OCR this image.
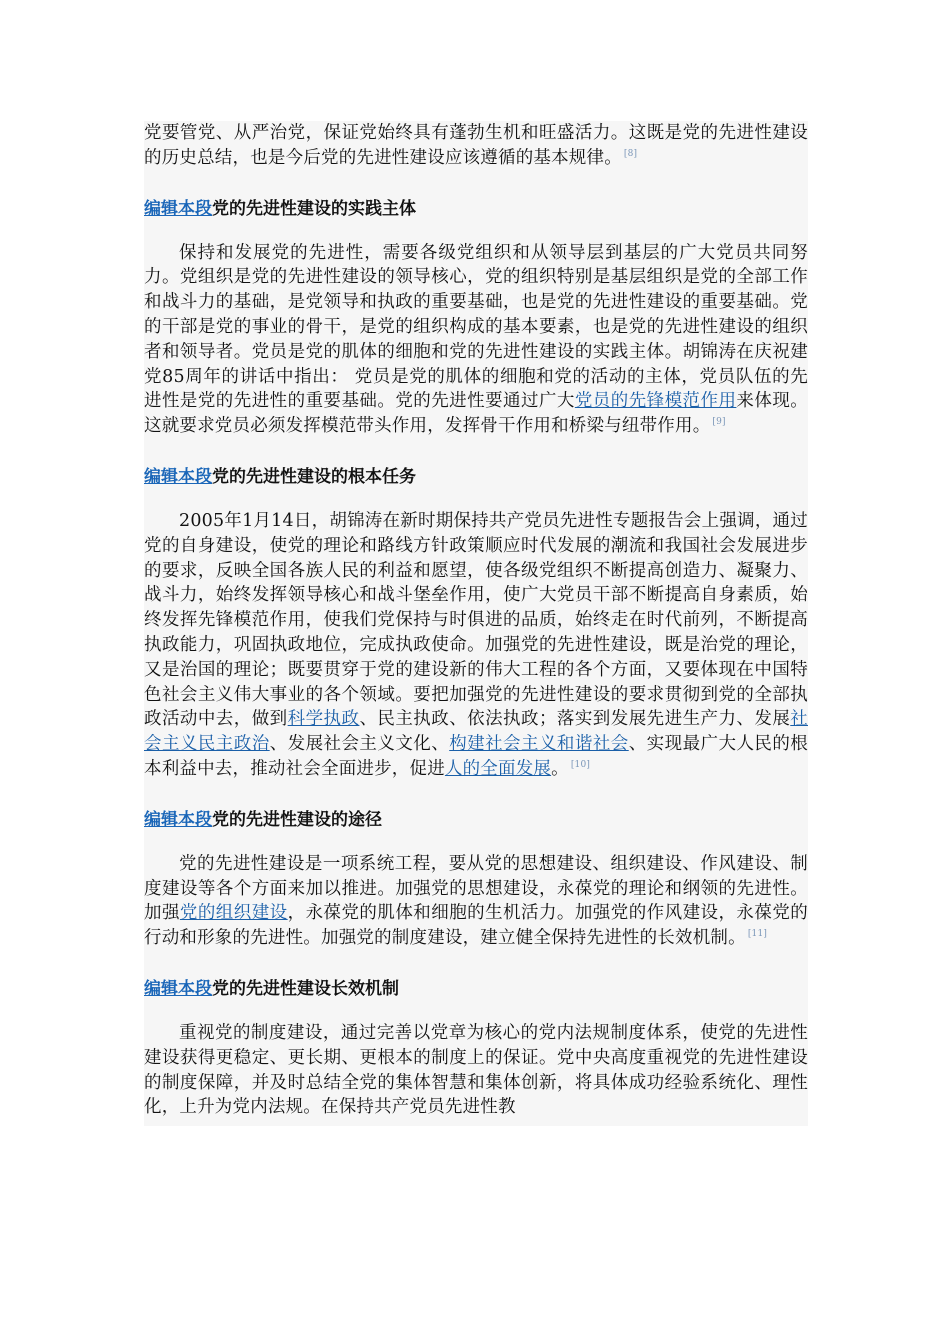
党要管党、从严治党，保证党始终具有蓬勃生机和旺盛活力。这既是党的先进性建设的历史总结，也是今后党的先进性建设应该遵循的基本规律。 [8]

编辑本段党的先进性建设的实践主体

保持和发展党的先进性，需要各级党组织和从领导层到基层的广大党员共同努力。党组织是党的先进性建设的领导核心，党的组织特别是基层组织是党的全部工作和战斗力的基础，是党领导和执政的重要基础，也是党的先进性建设的重要基础。党的干部是党的事业的骨干，是党的组织构成的基本要素，也是党的先进性建设的组织者和领导者。党员是党的肌体的细胞和党的先进性建设的实践主体。胡锦涛在庆祝建党85周年的讲话中指出： 党员是党的肌体的细胞和党的活动的主体，党员队伍的先进性是党的先进性的重要基础。党的先进性要通过广大党员的先锋模范作用来体现。这就要求党员必须发挥模范带头作用，发挥骨干作用和桥梁与纽带作用。 [9]

编辑本段党的先进性建设的根本任务

2005年1月14日，胡锦涛在新时期保持共产党员先进性专题报告会上强调，通过党的自身建设，使党的理论和路线方针政策顺应时代发展的潮流和我国社会发展进步的要求，反映全国各族人民的利益和愿望，使各级党组织不断提高创造力、凝聚力、战斗力，始终发挥领导核心和战斗堡垒作用，使广大党员干部不断提高自身素质，始终发挥先锋模范作用，使我们党保持与时俱进的品质，始终走在时代前列，不断提高执政能力，巩固执政地位，完成执政使命。加强党的先进性建设，既是治党的理论，又是治国的理论；既要贯穿于党的建设新的伟大工程的各个方面，又要体现在中国特色社会主义伟大事业的各个领域。要把加强党的先进性建设的要求贯彻到党的全部执政活动中去，做到科学执政、民主执政、依法执政；落实到发展先进生产力、发展社会主义民主政治、发展社会主义文化、构建社会主义和谐社会、实现最广大人民的根本利益中去，推动社会全面进步，促进人的全面发展。 [10]

编辑本段党的先进性建设的途径

党的先进性建设是一项系统工程，要从党的思想建设、组织建设、作风建设、制度建设等各个方面来加以推进。加强党的思想建设，永葆党的理论和纲领的先进性。加强党的组织建设，永葆党的肌体和细胞的生机活力。加强党的作风建设，永葆党的行动和形象的先进性。加强党的制度建设，建立健全保持先进性的长效机制。 [11]

编辑本段党的先进性建设长效机制

重视党的制度建设，通过完善以党章为核心的党内法规制度体系，使党的先进性建设获得更稳定、更长期、更根本的制度上的保证。党中央高度重视党的先进性建设的制度保障，并及时总结全党的集体智慧和集体创新，将具体成功经验系统化、理性化，上升为党内法规。在保持共产党员先进性教
